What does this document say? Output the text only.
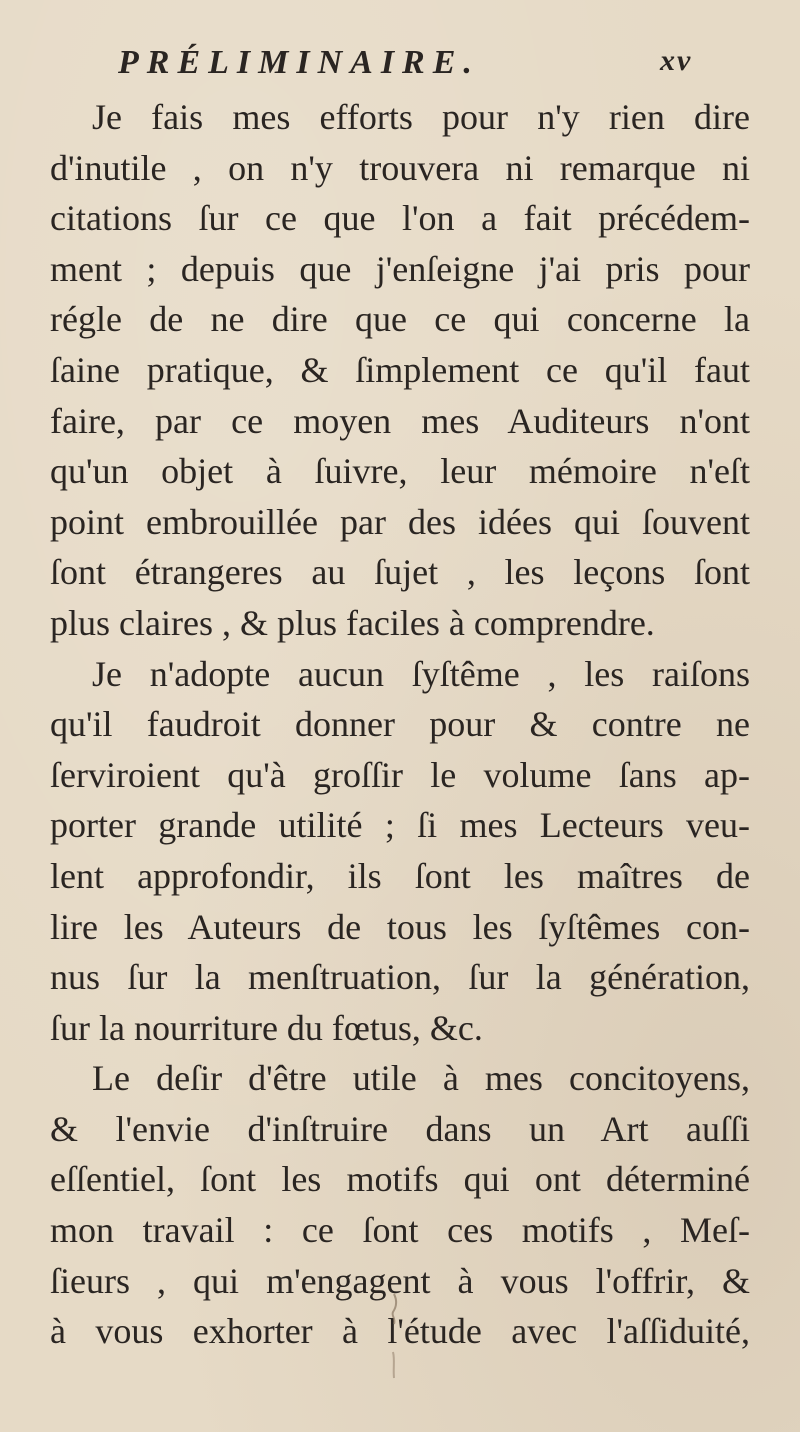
PRÉLIMINAIRE.	xv
Je fais mes efforts pour n'y rien dire
d'inutile , on n'y trouvera ni remarque ni
citations ſur ce que l'on a fait précédem-
ment ; depuis que j'enſeigne j'ai pris pour
régle de ne dire que ce qui concerne la
ſaine pratique, & ſimplement ce qu'il faut
faire, par ce moyen mes Auditeurs n'ont
qu'un objet à ſuivre, leur mémoire n'eſt
point embrouillée par des idées qui ſouvent
ſont étrangeres au ſujet , les leçons ſont
plus claires , & plus faciles à comprendre.
Je n'adopte aucun ſyſtême , les raiſons
qu'il faudroit donner pour & contre ne
ſerviroient qu'à groſſir le volume ſans ap-
porter grande utilité ; ſi mes Lecteurs veu-
lent approfondir, ils ſont les maîtres de
lire les Auteurs de tous les ſyſtêmes con-
nus ſur la menſtruation, ſur la génération,
ſur la nourriture du fœtus, &c.
Le deſir d'être utile à mes concitoyens,
& l'envie d'inſtruire dans un Art auſſi
eſſentiel, ſont les motifs qui ont déterminé
mon travail : ce ſont ces motifs , Meſ-
ſieurs , qui m'engagent à vous l'offrir, &
à vous exhorter à l'étude avec l'aſſiduité,
